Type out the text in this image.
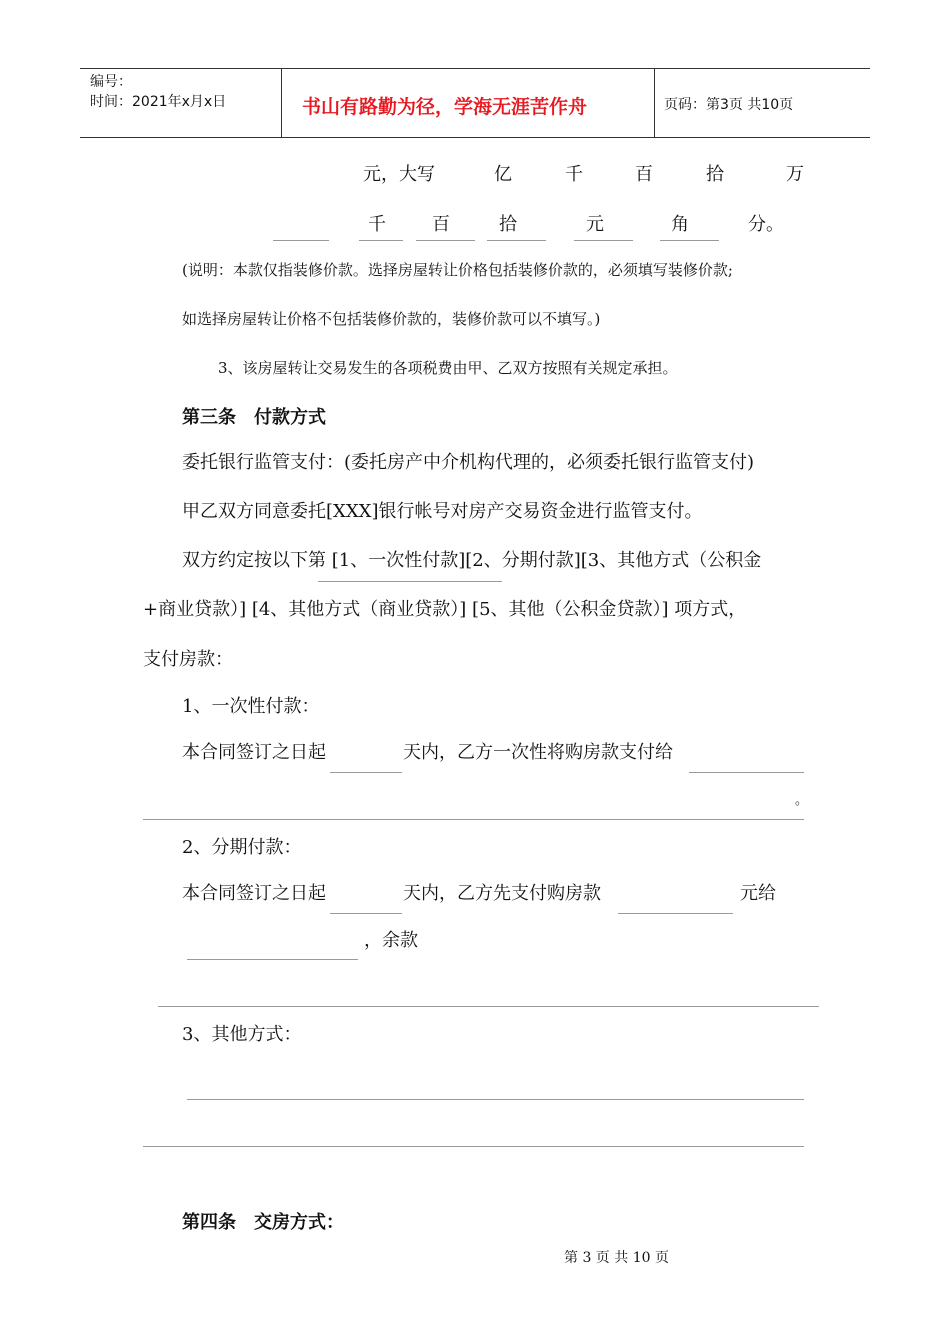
编号：
时间：2021年x月x日	书山有路勤为径，学海无涯苦作舟	页码：第3页 共10页
元，大写	亿	千	百	拾	万
千	百	拾	元	角	分。
(说明：本款仅指装修价款。选择房屋转让价格包括装修价款的，必须填写装修价款;
如选择房屋转让价格不包括装修价款的，装修价款可以不填写。)
3、该房屋转让交易发生的各项税费由甲、乙双方按照有关规定承担。
第三条　付款方式
委托银行监管支付：(委托房产中介机构代理的，必须委托银行监管支付)
甲乙双方同意委托[XXX]银行帐号对房产交易资金进行监管支付。
双方约定按以下第 [1、一次性付款][2、分期付款][3、其他方式（公积金
+商业贷款）] [4、其他方式（商业贷款）] [5、其他（公积金贷款）] 项方式，
支付房款：
1、一次性付款：
本合同签订之日起	天内，乙方一次性将购房款支付给
。
2、分期付款：
本合同签订之日起	天内，乙方先支付购房款	元给
，余款
3、其他方式：
第四条　交房方式：
第 3 页 共 10 页
